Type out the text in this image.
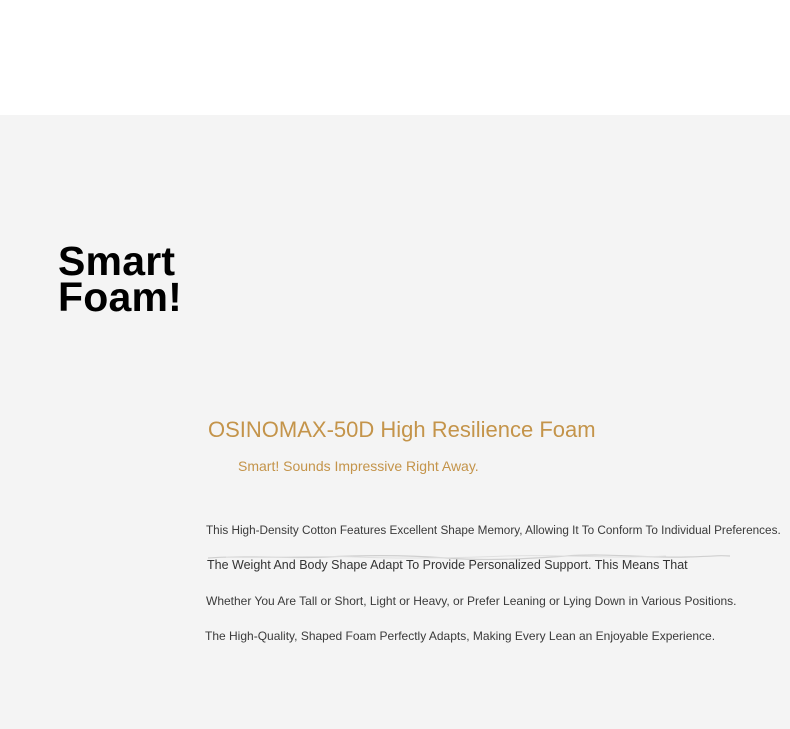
Smart
Foam!
OSINOMAX-50D High Resilience Foam

Smart! Sounds Impressive Right Away.

This High-Density Cotton Features Excellent Shape Memory, Allowing It To Conform To Individual Preferences.

The Weight And Body Shape Adapt To Provide Personalized Support. This Means That

Whether You Are Tall or Short, Light or Heavy, or Prefer Leaning or Lying Down in Various Positions.

The High-Quality, Shaped Foam Perfectly Adapts, Making Every Lean an Enjoyable Experience.
